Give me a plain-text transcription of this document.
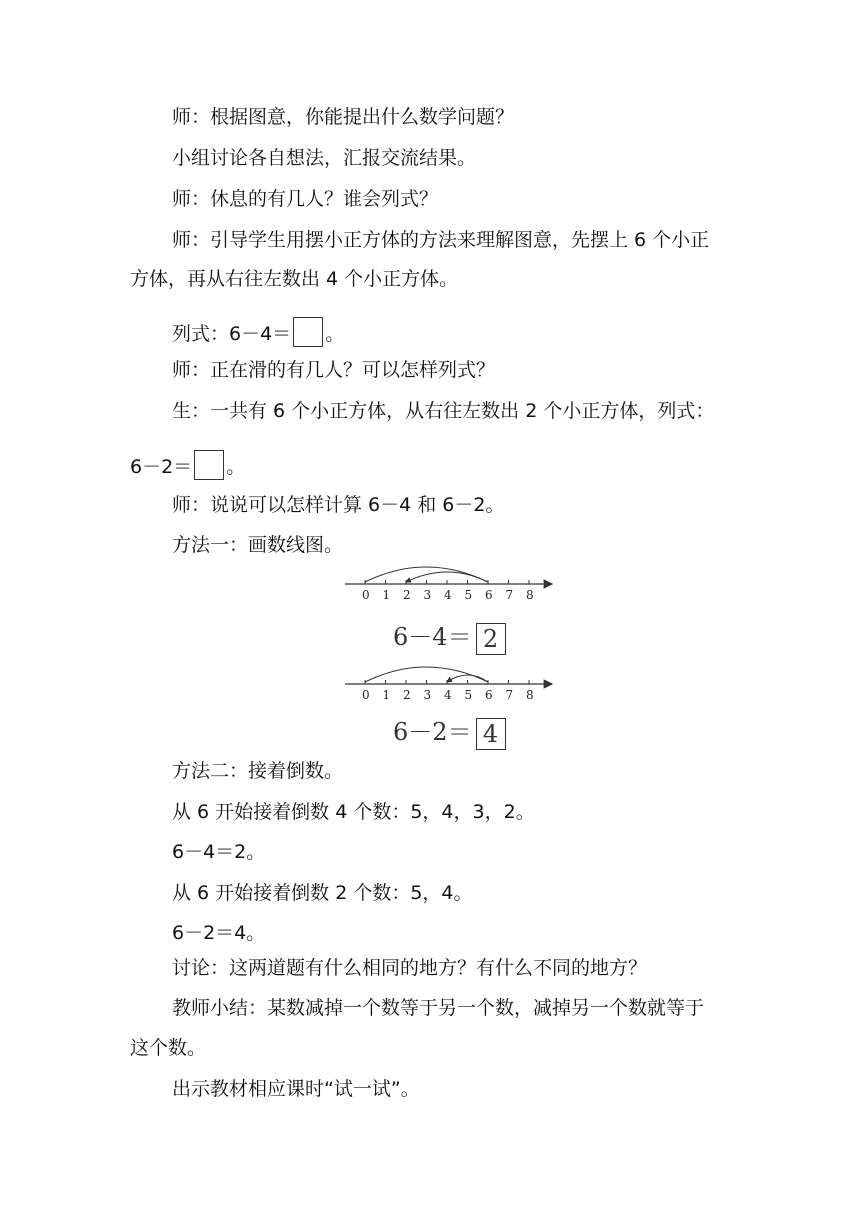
师：根据图意，你能提出什么数学问题？
小组讨论各自想法，汇报交流结果。
师：休息的有几人？谁会列式？
师：引导学生用摆小正方体的方法来理解图意，先摆上 6 个小正
方体，再从右往左数出 4 个小正方体。
列式：6－4＝ 。
师：正在滑的有几人？可以怎样列式？
生：一共有 6 个小正方体，从右往左数出 2 个小正方体，列式：
6－2＝ 。
师：说说可以怎样计算 6－4 和 6－2。
方法一：画数线图。
0 1 2 3 4 5 6 7 8
6－4＝ 2
0 1 2 3 4 5 6 7 8
6－2＝ 4
方法二：接着倒数。
从 6 开始接着倒数 4 个数：5，4，3，2。
6－4＝2。
从 6 开始接着倒数 2 个数：5，4。
6－2＝4。
讨论：这两道题有什么相同的地方？有什么不同的地方？
教师小结：某数减掉一个数等于另一个数，减掉另一个数就等于
这个数。
出示教材相应课时“试一试”。
